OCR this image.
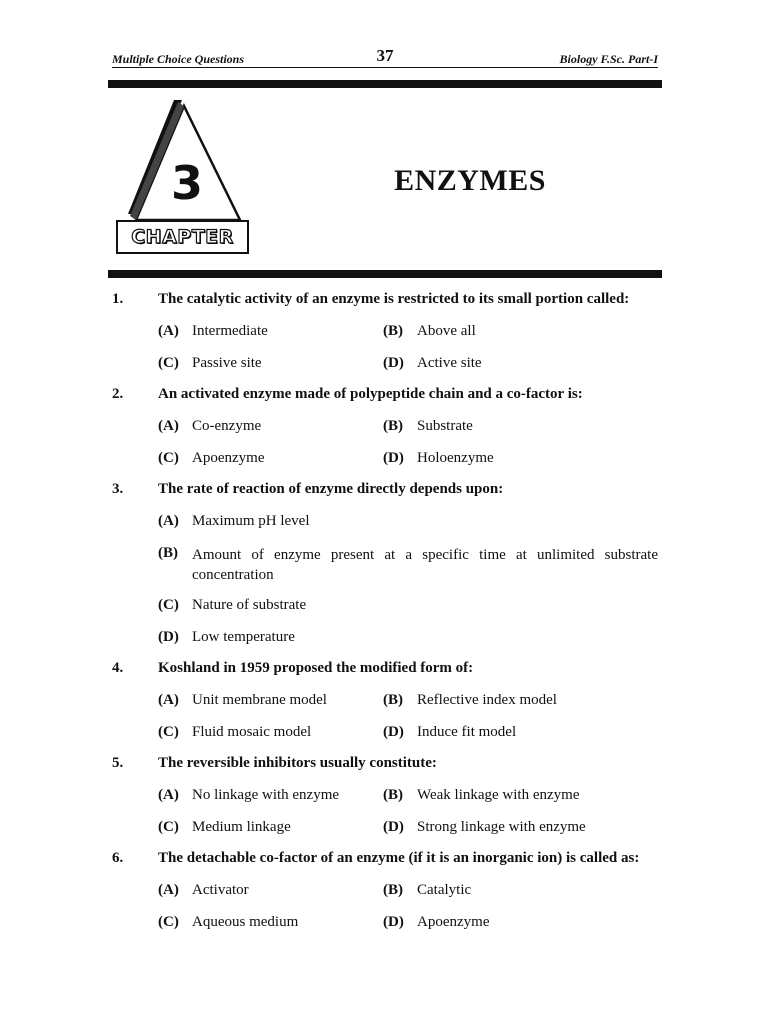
Multiple Choice Questions	37	Biology F.Sc. Part-I
3
CHAPTER
ENZYMES
1. The catalytic activity of an enzyme is restricted to its small portion called:
(A) Intermediate	(B) Above all
(C) Passive site	(D) Active site
2. An activated enzyme made of polypeptide chain and a co-factor is:
(A) Co-enzyme	(B) Substrate
(C) Apoenzyme	(D) Holoenzyme
3. The rate of reaction of enzyme directly depends upon:
(A) Maximum pH level
(B) Amount of enzyme present at a specific time at unlimited substrate concentration
(C) Nature of substrate
(D) Low temperature
4. Koshland in 1959 proposed the modified form of:
(A) Unit membrane model	(B) Reflective index model
(C) Fluid mosaic model	(D) Induce fit model
5. The reversible inhibitors usually constitute:
(A) No linkage with enzyme	(B) Weak linkage with enzyme
(C) Medium linkage	(D) Strong linkage with enzyme
6. The detachable co-factor of an enzyme (if it is an inorganic ion) is called as:
(A) Activator	(B) Catalytic
(C) Aqueous medium	(D) Apoenzyme
